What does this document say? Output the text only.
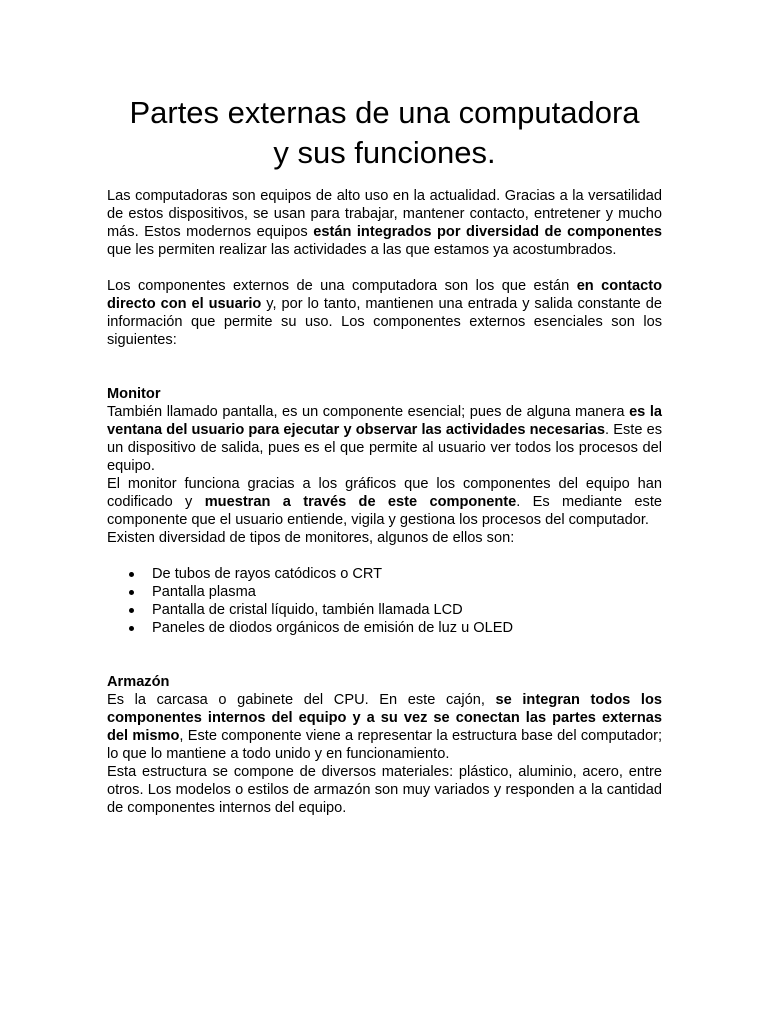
Partes externas de una computadora
y sus funciones.

Las computadoras son equipos de alto uso en la actualidad. Gracias a la versatilidad de estos dispositivos, se usan para trabajar, mantener contacto, entretener y mucho más. Estos modernos equipos están integrados por diversidad de componentes que les permiten realizar las actividades a las que estamos ya acostumbrados.

Los componentes externos de una computadora son los que están en contacto directo con el usuario y, por lo tanto, mantienen una entrada y salida constante de información que permite su uso. Los componentes externos esenciales son los siguientes:

Monitor

También llamado pantalla, es un componente esencial; pues de alguna manera es la ventana del usuario para ejecutar y observar las actividades necesarias. Este es un dispositivo de salida, pues es el que permite al usuario ver todos los procesos del equipo.

El monitor funciona gracias a los gráficos que los componentes del equipo han codificado y muestran a través de este componente. Es mediante este componente que el usuario entiende, vigila y gestiona los procesos del computador.

Existen diversidad de tipos de monitores, algunos de ellos son:

De tubos de rayos catódicos o CRT
Pantalla plasma
Pantalla de cristal líquido, también llamada LCD
Paneles de diodos orgánicos de emisión de luz u OLED

Armazón

Es la carcasa o gabinete del CPU. En este cajón, se integran todos los componentes internos del equipo y a su vez se conectan las partes externas del mismo, Este componente viene a representar la estructura base del computador; lo que lo mantiene a todo unido y en funcionamiento.

Esta estructura se compone de diversos materiales: plástico, aluminio, acero, entre otros. Los modelos o estilos de armazón son muy variados y responden a la cantidad de componentes internos del equipo.
